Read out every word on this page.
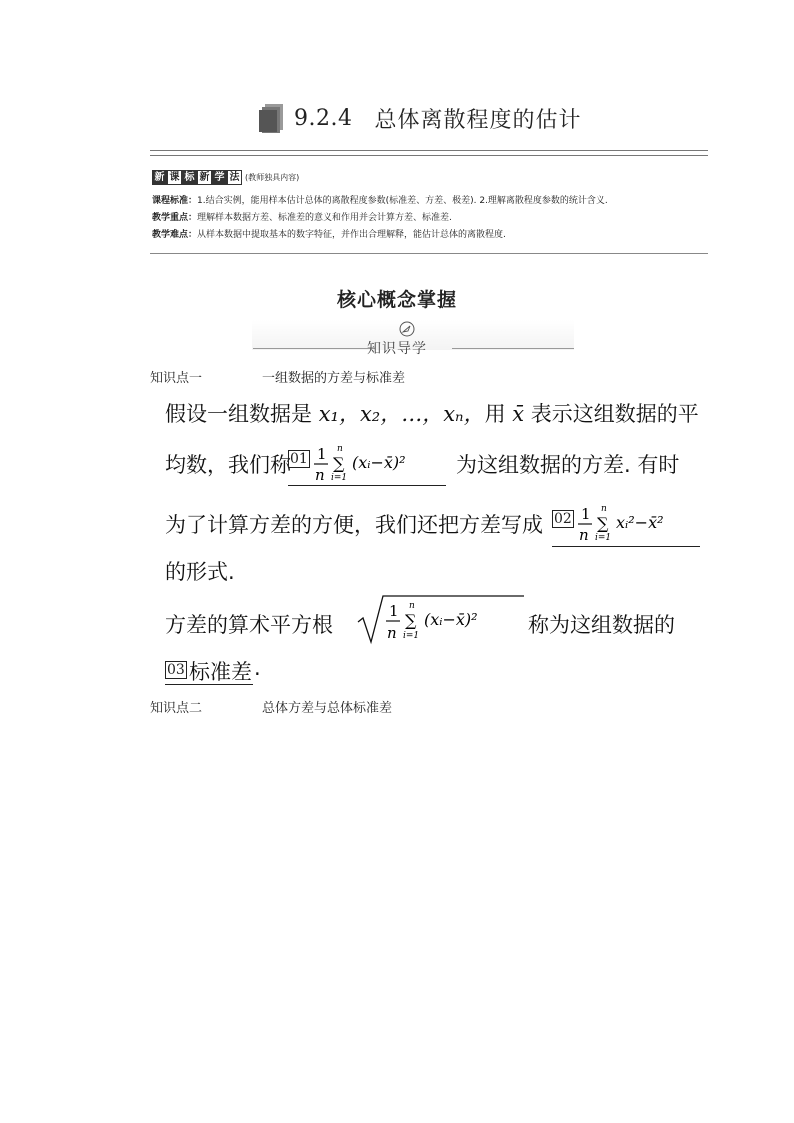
9.2.4 总体离散程度的估计
新 课 标 新 学 法 (教师独具内容)
课程标准：1.结合实例，能用样本估计总体的离散程度参数(标准差、方差、极差). 2.理解离散程度参数的统计含义.
教学重点：理解样本数据方差、标准差的意义和作用并会计算方差、标准差.
教学难点：从样本数据中提取基本的数字特征，并作出合理解释，能估计总体的离散程度.
核心概念掌握
知识导学
知识点一	一组数据的方差与标准差
假设一组数据是 x₁，x₂，…，xₙ，用 x̄ 表示这组数据的平
均数，我们称 01 1
n
n
∑
i=1
(xᵢ−x̄)² 为这组数据的方差. 有时
为了计算方差的方便，我们还把方差写成 02 1
n
n
∑
i=1
xᵢ²−x̄²
的形式.
方差的算术平方根
1
n
n
∑
i=1
(xᵢ−x̄)² 称为这组数据的
03 标准差 .
知识点二	总体方差与总体标准差
